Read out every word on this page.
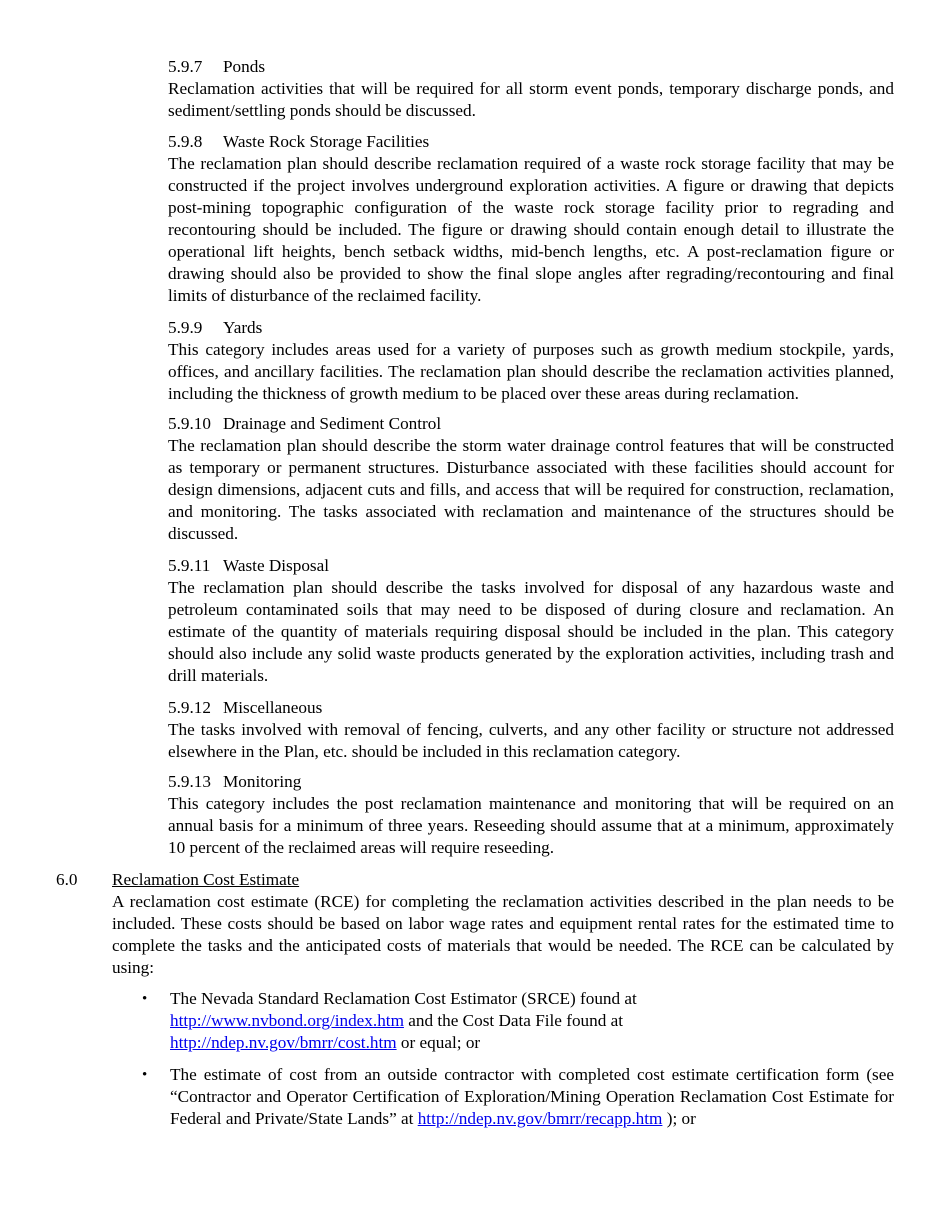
5.9.7	Ponds

Reclamation activities that will be required for all storm event ponds, temporary discharge ponds, and sediment/settling ponds should be discussed.

5.9.8	Waste Rock Storage Facilities

The reclamation plan should describe reclamation required of a waste rock storage facility that may be constructed if the project involves underground exploration activities. A figure or drawing that depicts post-mining topographic configuration of the waste rock storage facility prior to regrading and recontouring should be included. The figure or drawing should contain enough detail to illustrate the operational lift heights, bench setback widths, mid-bench lengths, etc. A post-reclamation figure or drawing should also be provided to show the final slope angles after regrading/recontouring and final limits of disturbance of the reclaimed facility.

5.9.9	Yards

This category includes areas used for a variety of purposes such as growth medium stockpile, yards, offices, and ancillary facilities. The reclamation plan should describe the reclamation activities planned, including the thickness of growth medium to be placed over these areas during reclamation.

5.9.10 Drainage and Sediment Control

The reclamation plan should describe the storm water drainage control features that will be constructed as temporary or permanent structures. Disturbance associated with these facilities should account for design dimensions, adjacent cuts and fills, and access that will be required for construction, reclamation, and monitoring. The tasks associated with reclamation and maintenance of the structures should be discussed.

5.9.11 Waste Disposal

The reclamation plan should describe the tasks involved for disposal of any hazardous waste and petroleum contaminated soils that may need to be disposed of during closure and reclamation. An estimate of the quantity of materials requiring disposal should be included in the plan. This category should also include any solid waste products generated by the exploration activities, including trash and drill materials.

5.9.12 Miscellaneous

The tasks involved with removal of fencing, culverts, and any other facility or structure not addressed elsewhere in the Plan, etc. should be included in this reclamation category.

5.9.13 Monitoring

This category includes the post reclamation maintenance and monitoring that will be required on an annual basis for a minimum of three years. Reseeding should assume that at a minimum, approximately 10 percent of the reclaimed areas will require reseeding.

6.0	Reclamation Cost Estimate

A reclamation cost estimate (RCE) for completing the reclamation activities described in the plan needs to be included. These costs should be based on labor wage rates and equipment rental rates for the estimated time to complete the tasks and the anticipated costs of materials that would be needed. The RCE can be calculated by using:

•	The Nevada Standard Reclamation Cost Estimator (SRCE) found at
http://www.nvbond.org/index.htm and the Cost Data File found at
http://ndep.nv.gov/bmrr/cost.htm or equal; or
•	The estimate of cost from an outside contractor with completed cost estimate certification form (see “Contractor and Operator Certification of Exploration/Mining Operation Reclamation Cost Estimate for Federal and Private/State Lands” at http://ndep.nv.gov/bmrr/recapp.htm ); or
